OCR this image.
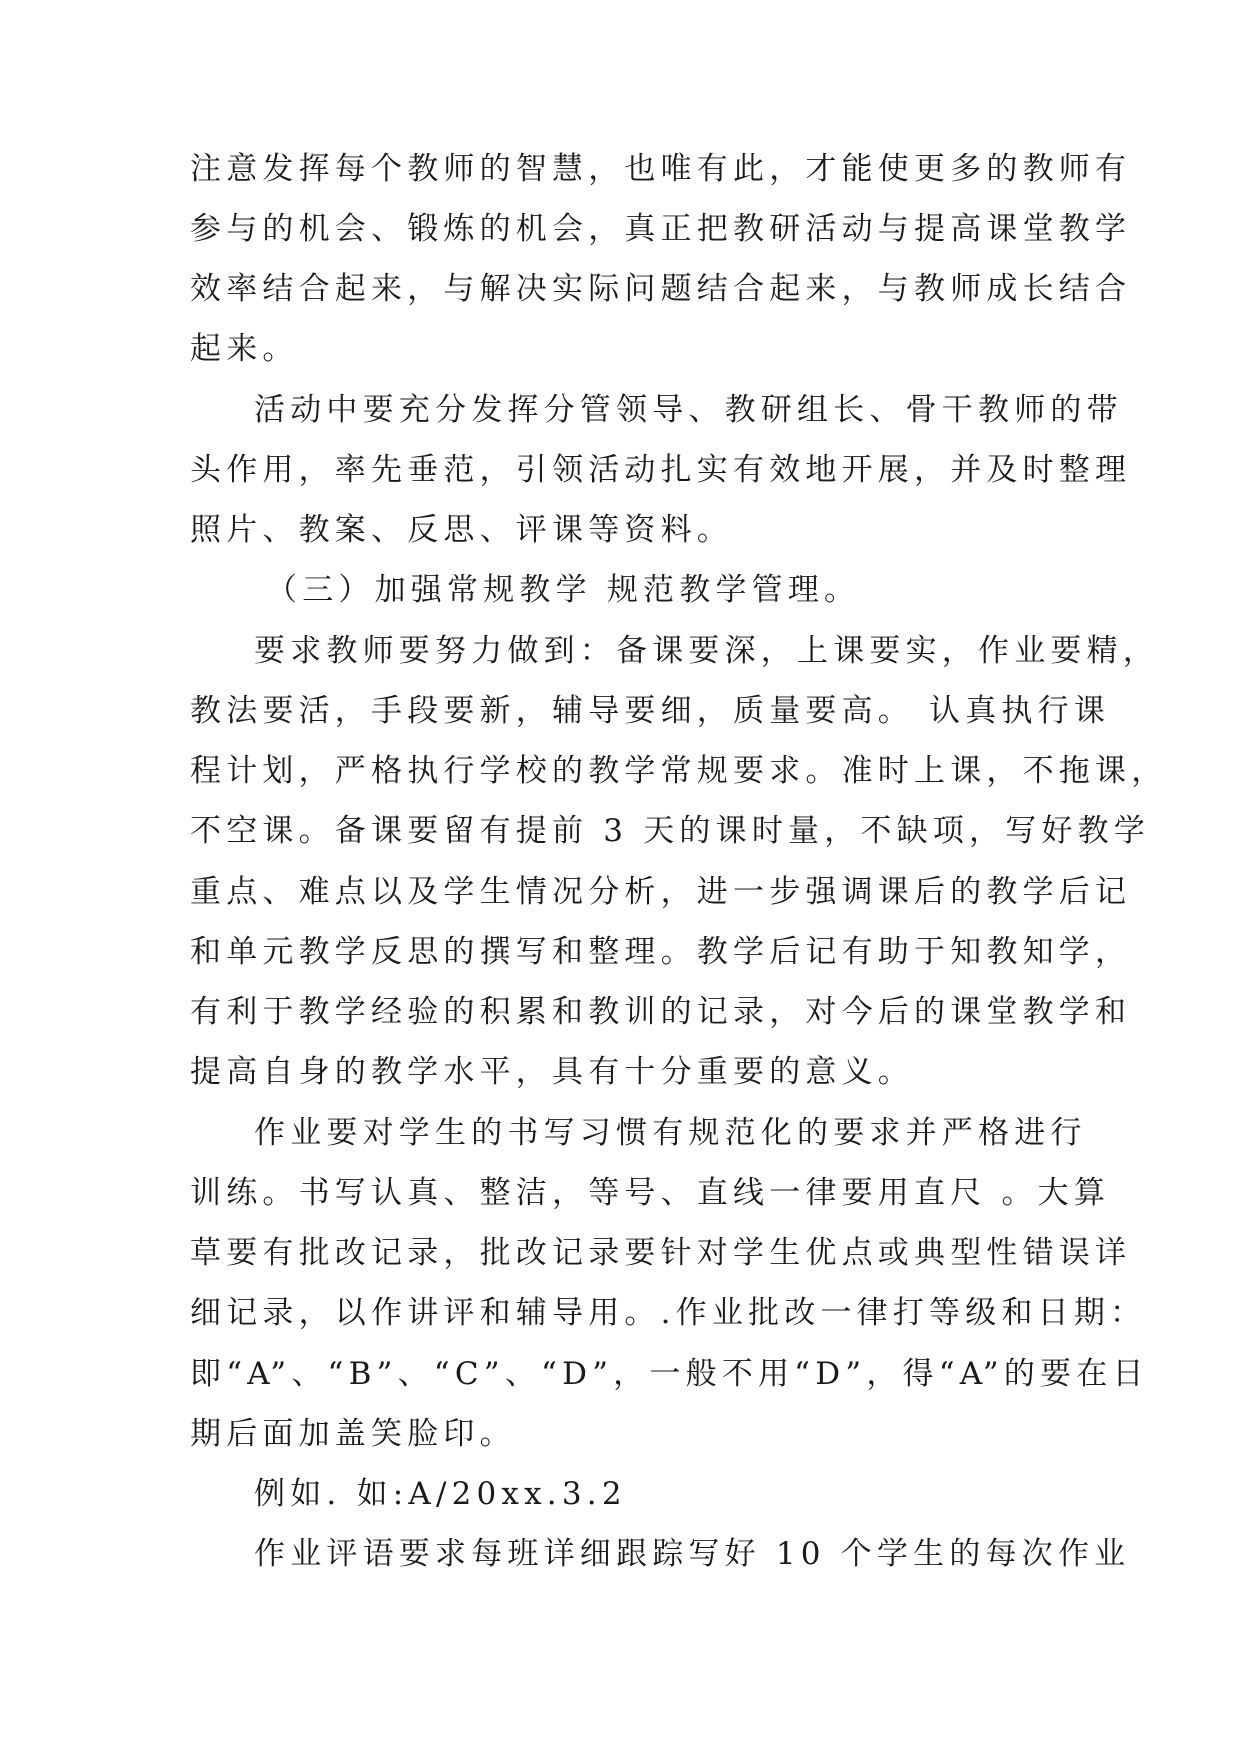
注意发挥每个教师的智慧，也唯有此，才能使更多的教师有
参与的机会、锻炼的机会，真正把教研活动与提高课堂教学
效率结合起来，与解决实际问题结合起来，与教师成长结合
起来。
活动中要充分发挥分管领导、教研组长、骨干教师的带
头作用，率先垂范，引领活动扎实有效地开展，并及时整理
照片、教案、反思、评课等资料。
（三）加强常规教学 规范教学管理。
要求教师要努力做到：备课要深，上课要实，作业要精，
教法要活，手段要新，辅导要细，质量要高。 认真执行课
程计划，严格执行学校的教学常规要求。准时上课，不拖课，
不空课。备课要留有提前 3 天的课时量，不缺项，写好教学
重点、难点以及学生情况分析，进一步强调课后的教学后记
和单元教学反思的撰写和整理。教学后记有助于知教知学，
有利于教学经验的积累和教训的记录，对今后的课堂教学和
提高自身的教学水平，具有十分重要的意义。
作业要对学生的书写习惯有规范化的要求并严格进行
训练。书写认真、整洁，等号、直线一律要用直尺 。大算
草要有批改记录，批改记录要针对学生优点或典型性错误详
细记录，以作讲评和辅导用。.作业批改一律打等级和日期：
即“A”、“B”、“C”、“D”，一般不用“D”，得“A”的要在日
期后面加盖笑脸印。
例如. 如:A/20xx.3.2
作业评语要求每班详细跟踪写好 10 个学生的每次作业
